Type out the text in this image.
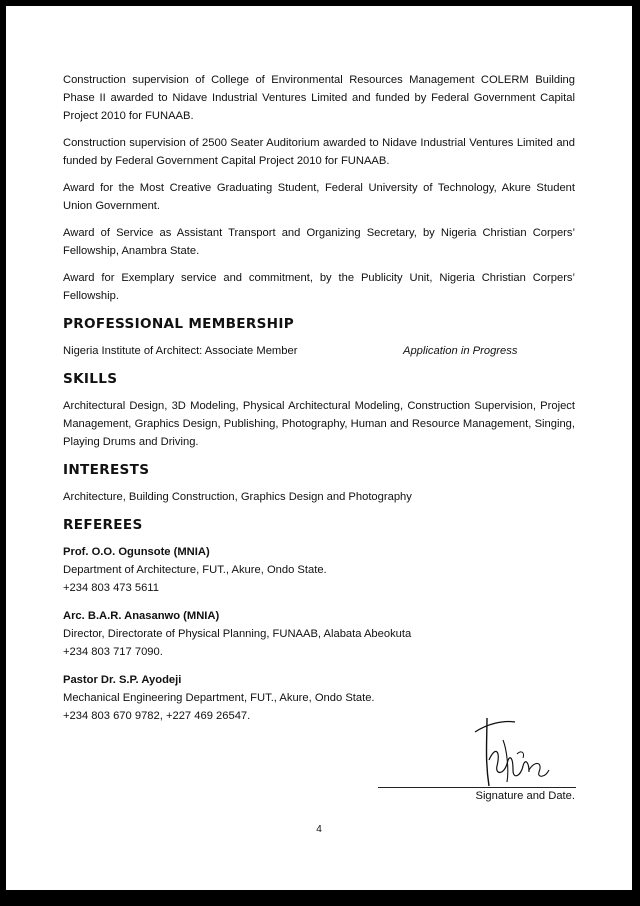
Construction supervision of College of Environmental Resources Management COLERM Building Phase II awarded to Nidave Industrial Ventures Limited and funded by Federal Government Capital Project 2010 for FUNAAB.

Construction supervision of 2500 Seater Auditorium awarded to Nidave Industrial Ventures Limited and funded by Federal Government Capital Project 2010 for FUNAAB.

Award for the Most Creative Graduating Student, Federal University of Technology, Akure Student Union Government.

Award of Service as Assistant Transport and Organizing Secretary, by Nigeria Christian Corpers’ Fellowship, Anambra State.

Award for Exemplary service and commitment, by the Publicity Unit, Nigeria Christian Corpers’ Fellowship.

PROFESSIONAL MEMBERSHIP
Nigeria Institute of Architect: Associate Member	Application in Progress
SKILLS

Architectural Design, 3D Modeling, Physical Architectural Modeling, Construction Supervision, Project Management, Graphics Design, Publishing, Photography, Human and Resource Management, Singing, Playing Drums and Driving.

INTERESTS

Architecture, Building Construction, Graphics Design and Photography

REFEREES
Prof. O.O. Ogunsote (MNIA)
Department of Architecture, FUT., Akure, Ondo State.
+234 803 473 5611
Arc. B.A.R. Anasanwo (MNIA)
Director, Directorate of Physical Planning, FUNAAB, Alabata Abeokuta
+234 803 717 7090.
Pastor Dr. S.P. Ayodeji
Mechanical Engineering Department, FUT., Akure, Ondo State.
+234 803 670 9782, +227 469 26547.
Signature and Date.
4
